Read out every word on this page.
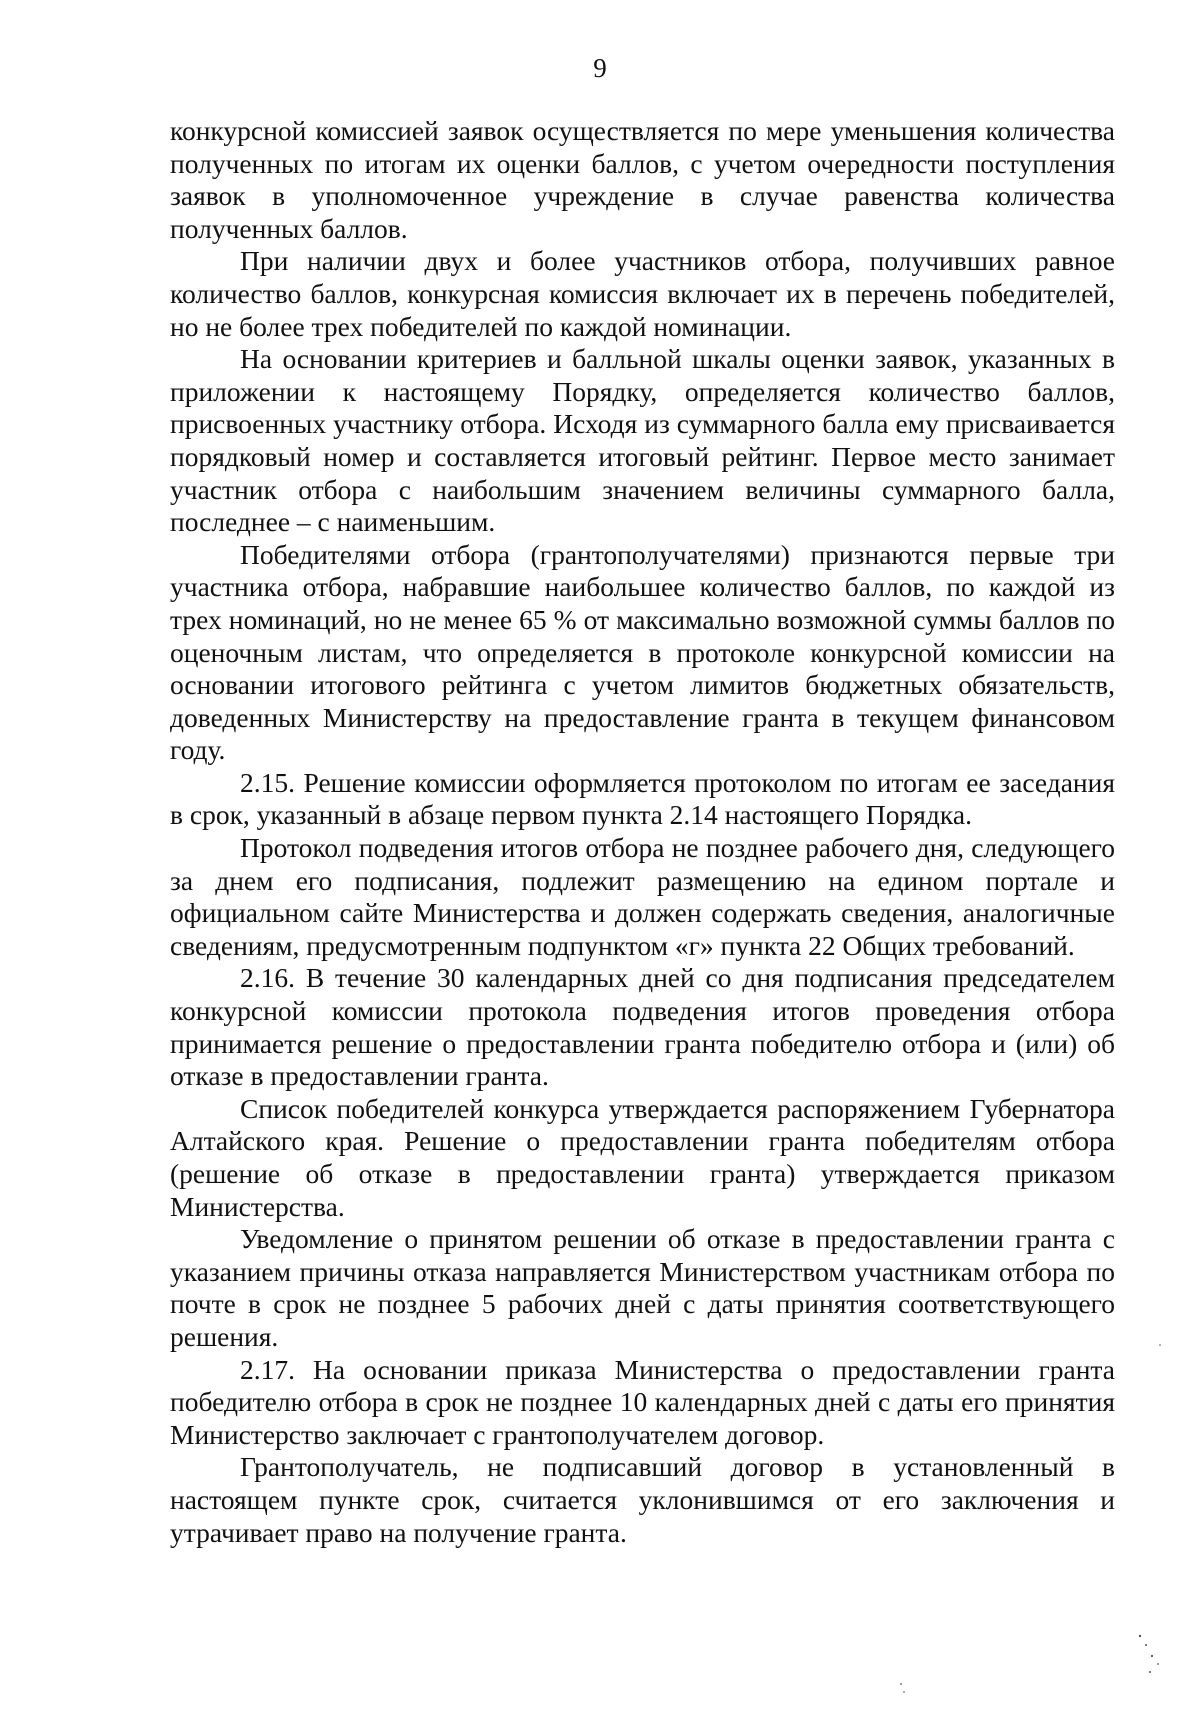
9

конкурсной комиссией заявок осуществляется по мере уменьшения количества полученных по итогам их оценки баллов, с учетом очередности поступления заявок в уполномоченное учреждение в случае равенства количества полученных баллов.

При наличии двух и более участников отбора, получивших равное количество баллов, конкурсная комиссия включает их в перечень победителей, но не более трех победителей по каждой номинации.

На основании критериев и балльной шкалы оценки заявок, указанных в приложении к настоящему Порядку, определяется количество баллов, присвоенных участнику отбора. Исходя из суммарного балла ему присваивается порядковый номер и составляется итоговый рейтинг. Первое место занимает участник отбора с наибольшим значением величины суммарного балла, последнее – с наименьшим.

Победителями отбора (грантополучателями) признаются первые три участника отбора, набравшие наибольшее количество баллов, по каждой из трех номинаций, но не менее 65 % от максимально возможной суммы баллов по оценочным листам, что определяется в протоколе конкурсной комиссии на основании итогового рейтинга с учетом лимитов бюджетных обязательств, доведенных Министерству на предоставление гранта в текущем финансовом году.

2.15. Решение комиссии оформляется протоколом по итогам ее заседания в срок, указанный в абзаце первом пункта 2.14 настоящего Порядка.

Протокол подведения итогов отбора не позднее рабочего дня, следующего за днем его подписания, подлежит размещению на едином портале и официальном сайте Министерства и должен содержать сведения, аналогичные сведениям, предусмотренным подпунктом «г» пункта 22 Общих требований.

2.16. В течение 30 календарных дней со дня подписания председателем конкурсной комиссии протокола подведения итогов проведения отбора принимается решение о предоставлении гранта победителю отбора и (или) об отказе в предоставлении гранта.

Список победителей конкурса утверждается распоряжением Губернатора Алтайского края. Решение о предоставлении гранта победителям отбора (решение об отказе в предоставлении гранта) утверждается приказом Министерства.

Уведомление о принятом решении об отказе в предоставлении гранта с указанием причины отказа направляется Министерством участникам отбора по почте в срок не позднее 5 рабочих дней с даты принятия соответствующего решения.

2.17. На основании приказа Министерства о предоставлении гранта победителю отбора в срок не позднее 10 календарных дней с даты его принятия Министерство заключает с грантополучателем договор.

Грантополучатель, не подписавший договор в установленный в настоящем пункте срок, считается уклонившимся от его заключения и утрачивает право на получение гранта.
